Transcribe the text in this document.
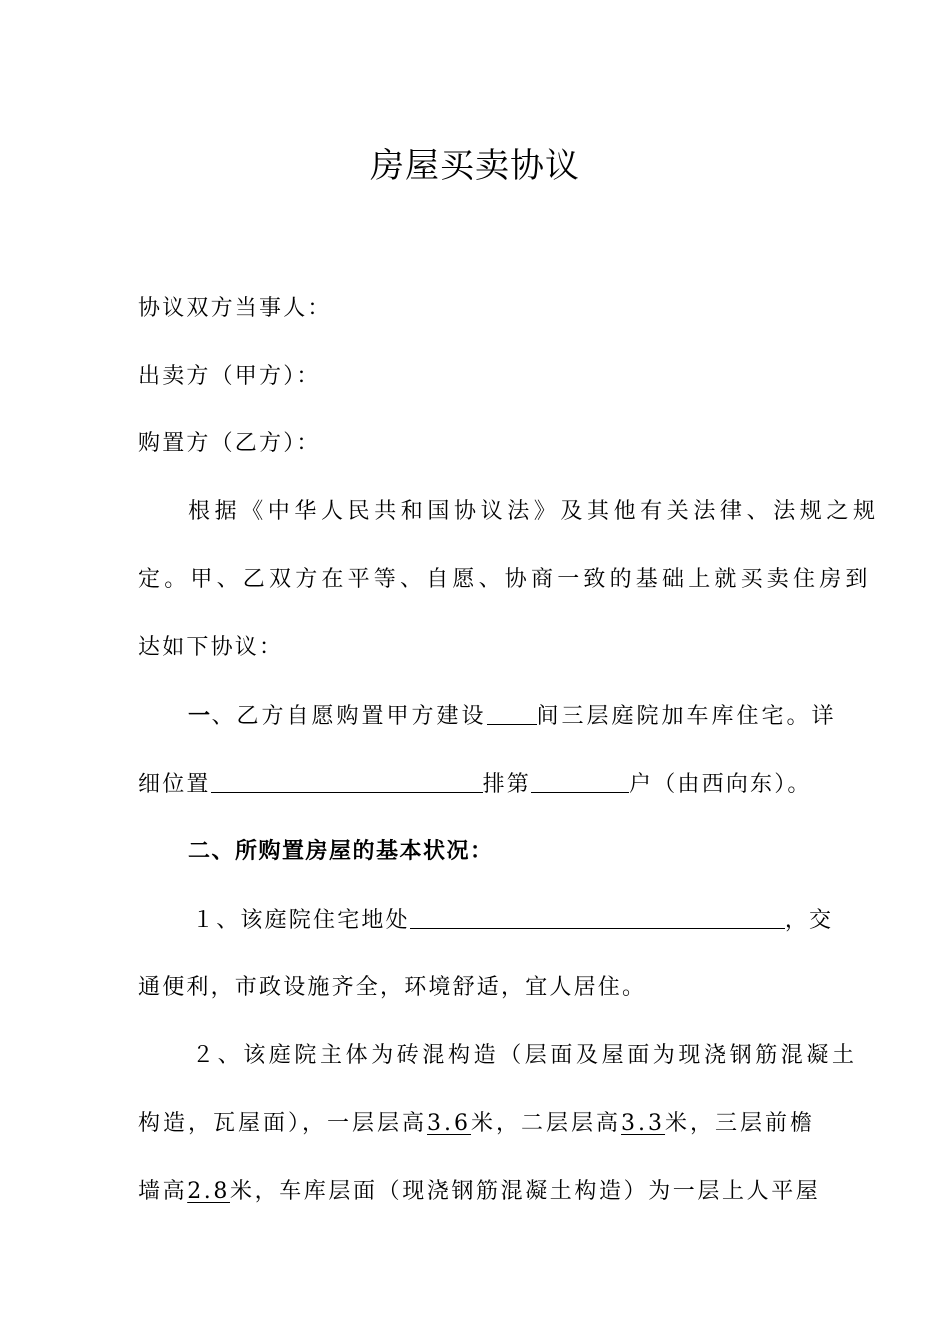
房屋买卖协议
协议双方当事人：
出卖方（甲方）：
购置方（乙方）：
根据《中华人民共和国协议法》及其他有关法律、法规之规
定。甲、乙双方在平等、自愿、协商一致的基础上就买卖住房到
达如下协议：
一、乙方自愿购置甲方建设 间三层庭院加车库住宅。详
细位置	排第	户（由西向东）。
二、所购置房屋的基本状况：
１、该庭院住宅地处	，交
通便利，市政设施齐全，环境舒适，宜人居住。
２、该庭院主体为砖混构造（层面及屋面为现浇钢筋混凝土
构造，瓦屋面），一层层高3.6米，二层层高3.3米，三层前檐
墙高2.8米，车库层面（现浇钢筋混凝土构造）为一层上人平屋
